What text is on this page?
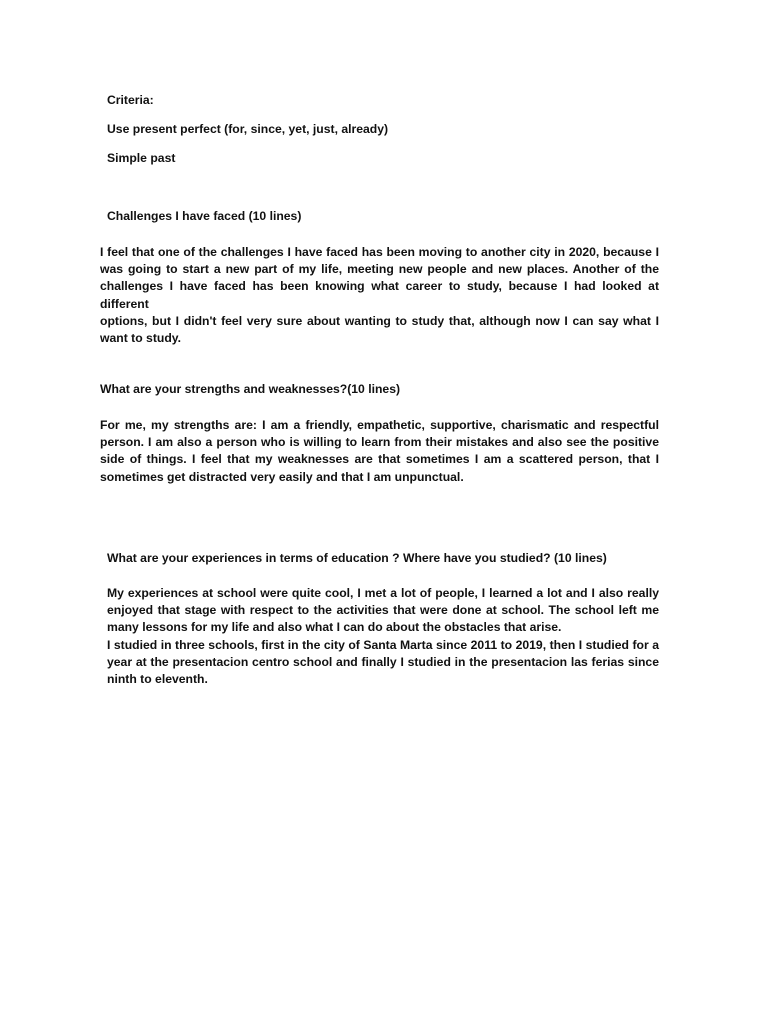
Criteria:

Use present perfect (for, since, yet, just, already)

Simple past

Challenges I have faced (10 lines)

I feel that one of the challenges I have faced has been moving to another city in 2020, because I
was going to start a new part of my life, meeting new people and new places. Another of the
challenges I have faced has been knowing what career to study, because I had looked at different
options, but I didn't feel very sure about wanting to study that, although now I can say what I
want to study.

What are your strengths and weaknesses?(10 lines)

For me, my strengths are: I am a friendly, empathetic, supportive, charismatic and respectful
person. I am also a person who is willing to learn from their mistakes and also see the positive
side of things. I feel that my weaknesses are that sometimes I am a scattered person, that I
sometimes get distracted very easily and that I am unpunctual.

What are your experiences in terms of education ? Where have you studied? (10 lines)

My experiences at school were quite cool, I met a lot of people, I learned a lot and I also really
enjoyed that stage with respect to the activities that were done at school. The school left me
many lessons for my life and also what I can do about the obstacles that arise.
I studied in three schools, first in the city of Santa Marta since 2011 to 2019, then I studied for a
year at the presentacion centro school and finally I studied in the presentacion las ferias since
ninth to eleventh.
